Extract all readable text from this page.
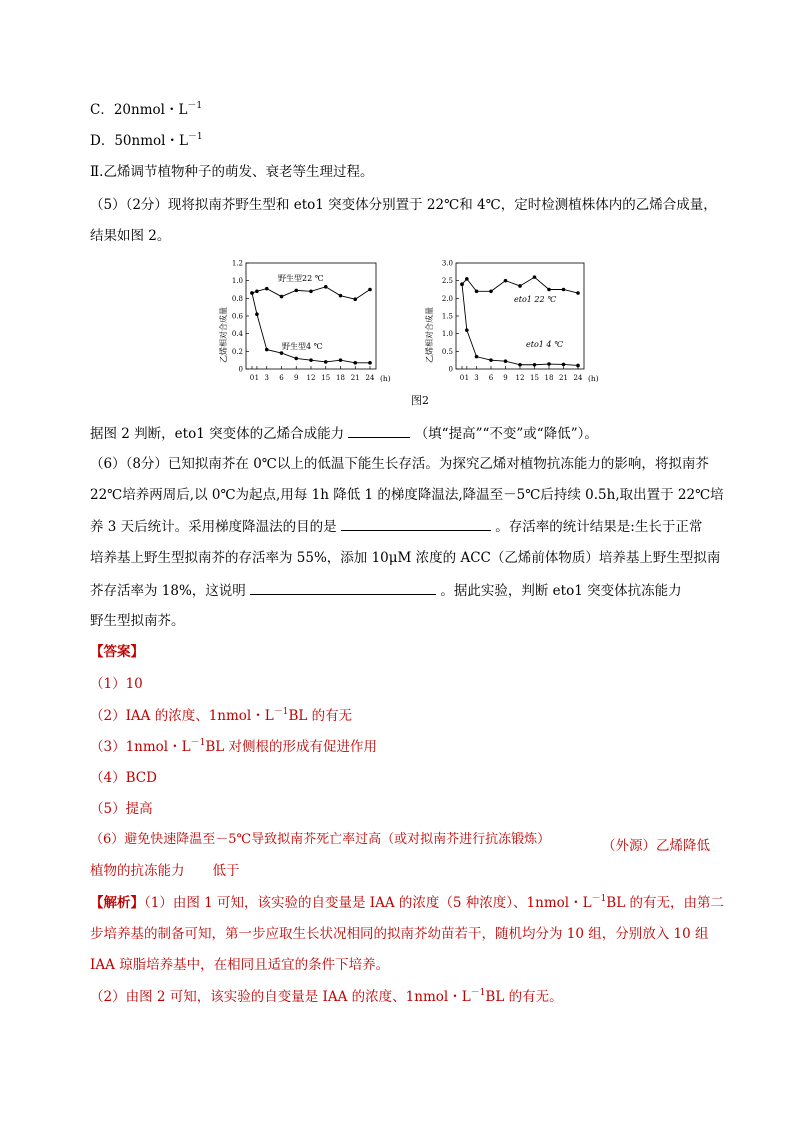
C．20nmol・$L^{-1}$
D．50nmol・$L^{-1}$
Ⅱ.乙烯调节植物种子的萌发、衰老等生理过程。
（5）（2分）现将拟南芥野生型和 eto1 突变体分别置于 22℃和 4℃，定时检测植株体内的乙烯合成量，
结果如图 2。
乙烯相对合成量
0
0.2
0.4
0.6
0.8
1.0
1.2
0 1 3 6 9 12 15 18 21 24 (h)
野生型22 ℃
野生型4 ℃	乙烯相对合成量
0
0.5
1.0
1.5
2.0
2.5
3.0
0 1 3 6 9 12 15 18 21 24 (h)
eto1 22 ℃
eto1 4 ℃
图2
据图 2 判断，eto1 突变体的乙烯合成能力	（填“提高”“不变”或“降低”）。
（6）（8分）已知拟南芥在 0℃以上的低温下能生长存活。为探究乙烯对植物抗冻能力的影响，将拟南芥
22℃培养两周后,以 0℃为起点,用每 1h 降低 1 的梯度降温法,降温至－5℃后持续 0.5h,取出置于 22℃培
养 3 天后统计。采用梯度降温法的目的是	。存活率的统计结果是:生长于正常
培养基上野生型拟南芥的存活率为 55%，添加 10μM 浓度的 ACC（乙烯前体物质）培养基上野生型拟南
芥存活率为 18%，这说明	。据此实验，判断 eto1 突变体抗冻能力
野生型拟南芥。
【答案】
（1）10
（2）IAA 的浓度、1nmol・$L^{-1}BL$ 的有无
（3）1nmol・$L^{-1}BL$ 对侧根的形成有促进作用
（4）BCD
（5）提高
（6）避免快速降温至－5℃导致拟南芥死亡率过高（或对拟南芥进行抗冻锻炼）	（外源）乙烯降低
植物的抗冻能力 低于
【解析】（1）由图 1 可知，该实验的自变量是 IAA 的浓度（5 种浓度）、1nmol・$L^{-1}BL$ 的有无，由第二
步培养基的制备可知，第一步应取生长状况相同的拟南芥幼苗若干，随机均分为 10 组，分别放入 10 组
IAA 琼脂培养基中，在相同且适宜的条件下培养。
（2）由图 2 可知，该实验的自变量是 IAA 的浓度、1nmol・$L^{-1}BL$ 的有无。
